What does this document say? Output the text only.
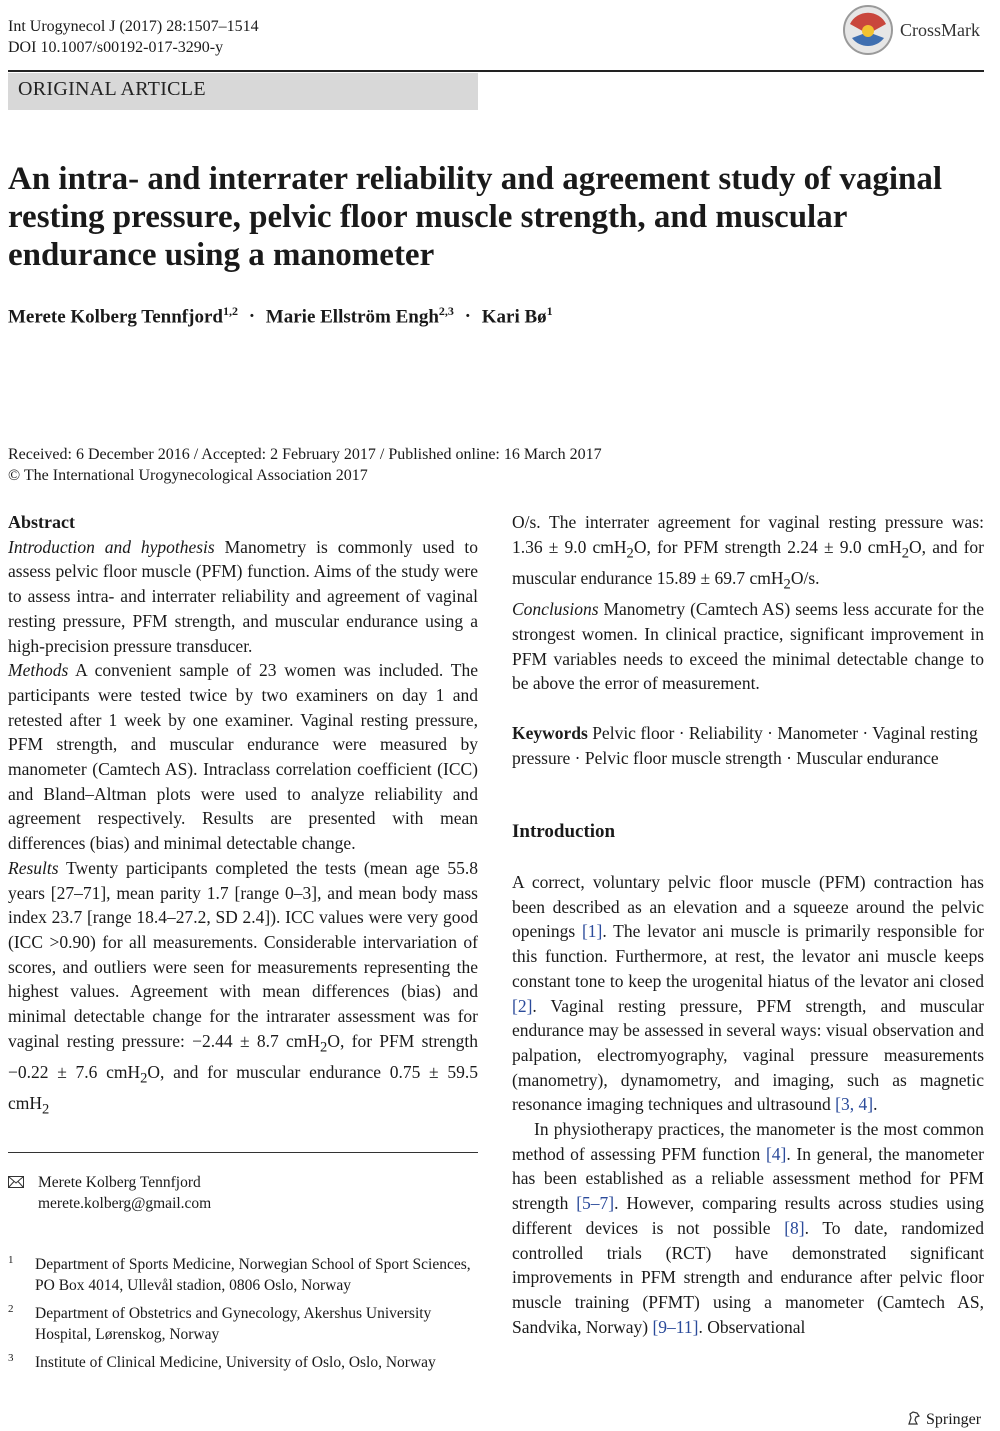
Int Urogynecol J (2017) 28:1507–1514
DOI 10.1007/s00192-017-3290-y
CrossMark
ORIGINAL ARTICLE
An intra- and interrater reliability and agreement study of vaginal resting pressure, pelvic floor muscle strength, and muscular endurance using a manometer
Merete Kolberg Tennfjord$^{1,2}$ · Marie Ellström Engh$^{2,3}$ · Kari $Bø^1$
Received: 6 December 2016 / Accepted: 2 February 2017 / Published online: 16 March 2017
© The International Urogynecological Association 2017

Abstract

Introduction and hypothesis Manometry is commonly used to assess pelvic floor muscle (PFM) function. Aims of the study were to assess intra- and interrater reliability and agreement of vaginal resting pressure, PFM strength, and muscular endurance using a high-precision pressure transducer.

Methods A convenient sample of 23 women was included. The participants were tested twice by two examiners on day 1 and retested after 1 week by one examiner. Vaginal resting pressure, PFM strength, and muscular endurance were measured by manometer (Camtech AS). Intraclass correlation coefficient (ICC) and Bland–Altman plots were used to analyze reliability and agreement respectively. Results are presented with mean differences (bias) and minimal detectable change.

Results Twenty participants completed the tests (mean age 55.8 years [27–71], mean parity 1.7 [range 0–3], and mean body mass index 23.7 [range 18.4–27.2, SD 2.4]). ICC values were very good (ICC >0.90) for all measurements. Considerable intervariation of scores, and outliers were seen for measurements representing the highest values. Agreement with mean differences (bias) and minimal detectable change for the intrarater assessment was for vaginal resting pressure: −2.44 ± 8.7 cmH$_2$O, for PFM strength −0.22 ± 7.6 cmH$_2$O, and for muscular endurance 0.75 ± 59.5 cmH$_2$

O/s. The interrater agreement for vaginal resting pressure was: 1.36 ± 9.0 cmH$_2$O, for PFM strength 2.24 ± 9.0 cmH$_2$O, and for muscular endurance 15.89 ± 69.7 cmH$_2$O/s.

Conclusions Manometry (Camtech AS) seems less accurate for the strongest women. In clinical practice, significant improvement in PFM variables needs to exceed the minimal detectable change to be above the error of measurement.

Keywords Pelvic floor · Reliability · Manometer · Vaginal resting pressure · Pelvic floor muscle strength · Muscular endurance

Introduction

A correct, voluntary pelvic floor muscle (PFM) contraction has been described as an elevation and a squeeze around the pelvic openings [1]. The levator ani muscle is primarily responsible for this function. Furthermore, at rest, the levator ani muscle keeps constant tone to keep the urogenital hiatus of the levator ani closed [2]. Vaginal resting pressure, PFM strength, and muscular endurance may be assessed in several ways: visual observation and palpation, electromyography, vaginal pressure measurements (manometry), dynamometry, and imaging, such as magnetic resonance imaging techniques and ultrasound [3, 4].

In physiotherapy practices, the manometer is the most common method of assessing PFM function [4]. In general, the manometer has been established as a reliable assessment method for PFM strength [5–7]. However, comparing results across studies using different devices is not possible [8]. To date, randomized controlled trials (RCT) have demonstrated significant improvements in PFM strength and endurance after pelvic floor muscle training (PFMT) using a manometer (Camtech AS, Sandvika, Norway) [9–11]. Observational

Merete Kolberg Tennfjord
merete.kolberg@gmail.com
1 Department of Sports Medicine, Norwegian School of Sport Sciences, PO Box 4014, Ullevål stadion, 0806 Oslo, Norway
2 Department of Obstetrics and Gynecology, Akershus University Hospital, Lørenskog, Norway
3 Institute of Clinical Medicine, University of Oslo, Oslo, Norway
Springer
